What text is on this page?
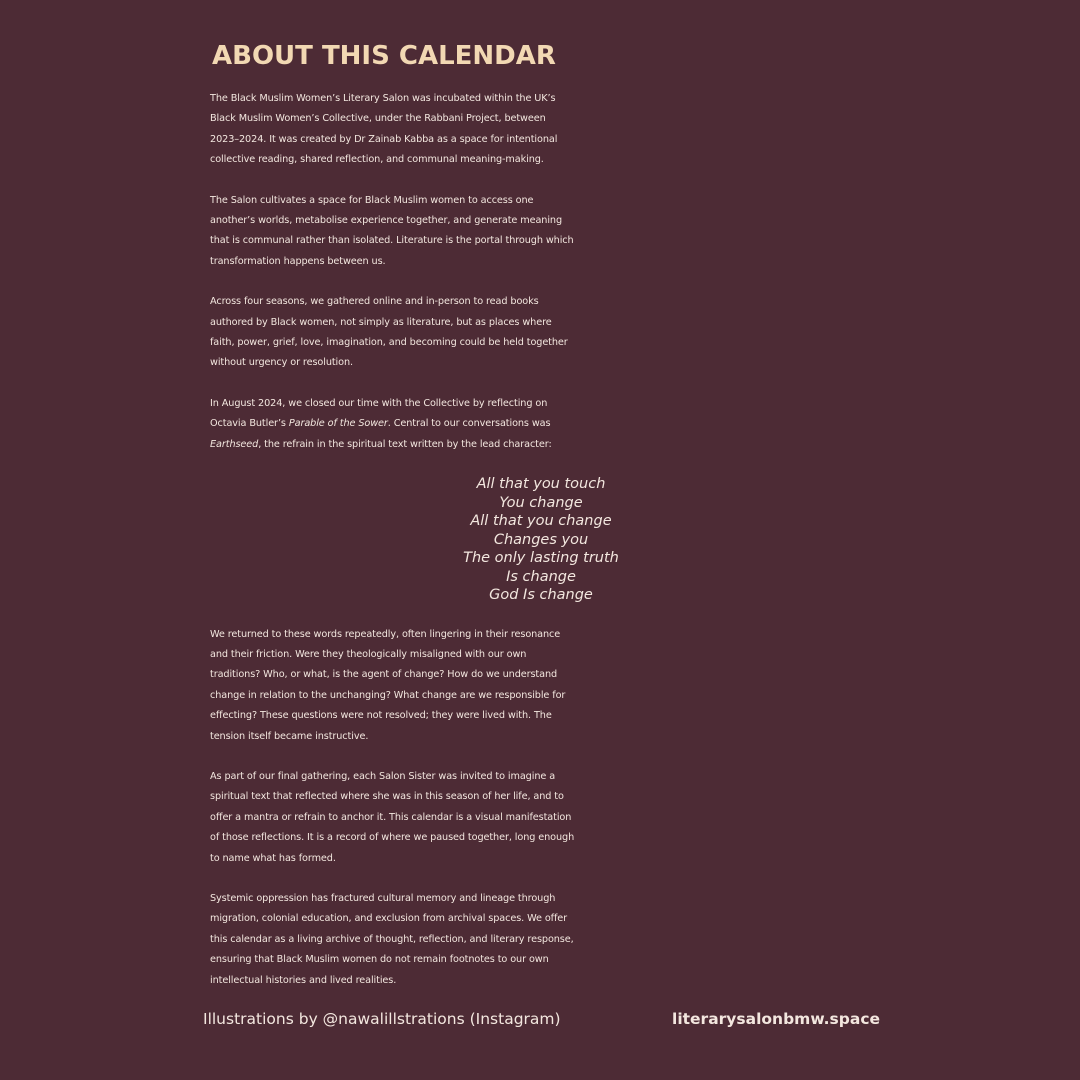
ABOUT THIS CALENDAR

The Black Muslim Women’s Literary Salon was incubated within the UK’s
Black Muslim Women’s Collective, under the Rabbani Project, between
2023–2024. It was created by Dr Zainab Kabba as a space for intentional
collective reading, shared reflection, and communal meaning-making.

The Salon cultivates a space for Black Muslim women to access one
another’s worlds, metabolise experience together, and generate meaning
that is communal rather than isolated. Literature is the portal through which
transformation happens between us.

Across four seasons, we gathered online and in-person to read books
authored by Black women, not simply as literature, but as places where
faith, power, grief, love, imagination, and becoming could be held together
without urgency or resolution.

In August 2024, we closed our time with the Collective by reflecting on
Octavia Butler’s Parable of the Sower. Central to our conversations was
Earthseed, the refrain in the spiritual text written by the lead character:

All that you touch
You change
All that you change
Changes you
The only lasting truth
Is change
God Is change

We returned to these words repeatedly, often lingering in their resonance
and their friction. Were they theologically misaligned with our own
traditions? Who, or what, is the agent of change? How do we understand
change in relation to the unchanging? What change are we responsible for
effecting? These questions were not resolved; they were lived with. The
tension itself became instructive.

As part of our final gathering, each Salon Sister was invited to imagine a
spiritual text that reflected where she was in this season of her life, and to
offer a mantra or refrain to anchor it. This calendar is a visual manifestation
of those reflections. It is a record of where we paused together, long enough
to name what has formed.

Systemic oppression has fractured cultural memory and lineage through
migration, colonial education, and exclusion from archival spaces. We offer
this calendar as a living archive of thought, reflection, and literary response,
ensuring that Black Muslim women do not remain footnotes to our own
intellectual histories and lived realities.

Illustrations by @nawalillstrations (Instagram)	literarysalonbmw.space
